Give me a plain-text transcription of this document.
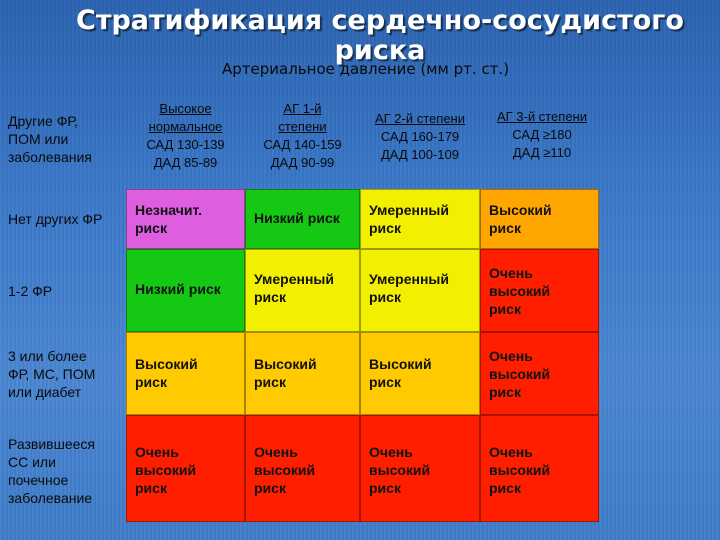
Стратификация сердечно-сосудистого риска
Артериальное давление (мм рт. ст.)
Другие ФР,
ПОМ или
заболевания
Высокое
нормальное
САД 130-139
ДАД 85-89
АГ 1-й
степени
САД 140-159
ДАД 90-99
АГ 2-й степени
САД 160-179
ДАД 100-109
АГ 3-й степени
САД ≥180
ДАД ≥110
Нет других ФР
1-2 ФР
3 или более
ФР, МС, ПОМ
или диабет
Развившееся
СС или
почечное
заболевание
Незначит.
риск
Низкий риск	Умеренный
риск
Высокий
риск
Низкий риск
Умеренный
риск
Умеренный
риск
Очень
высокий
риск
Высокий
риск
Высокий
риск
Высокий
риск
Очень
высокий
риск
Очень
высокий
риск
Очень
высокий
риск
Очень
высокий
риск
Очень
высокий
риск
